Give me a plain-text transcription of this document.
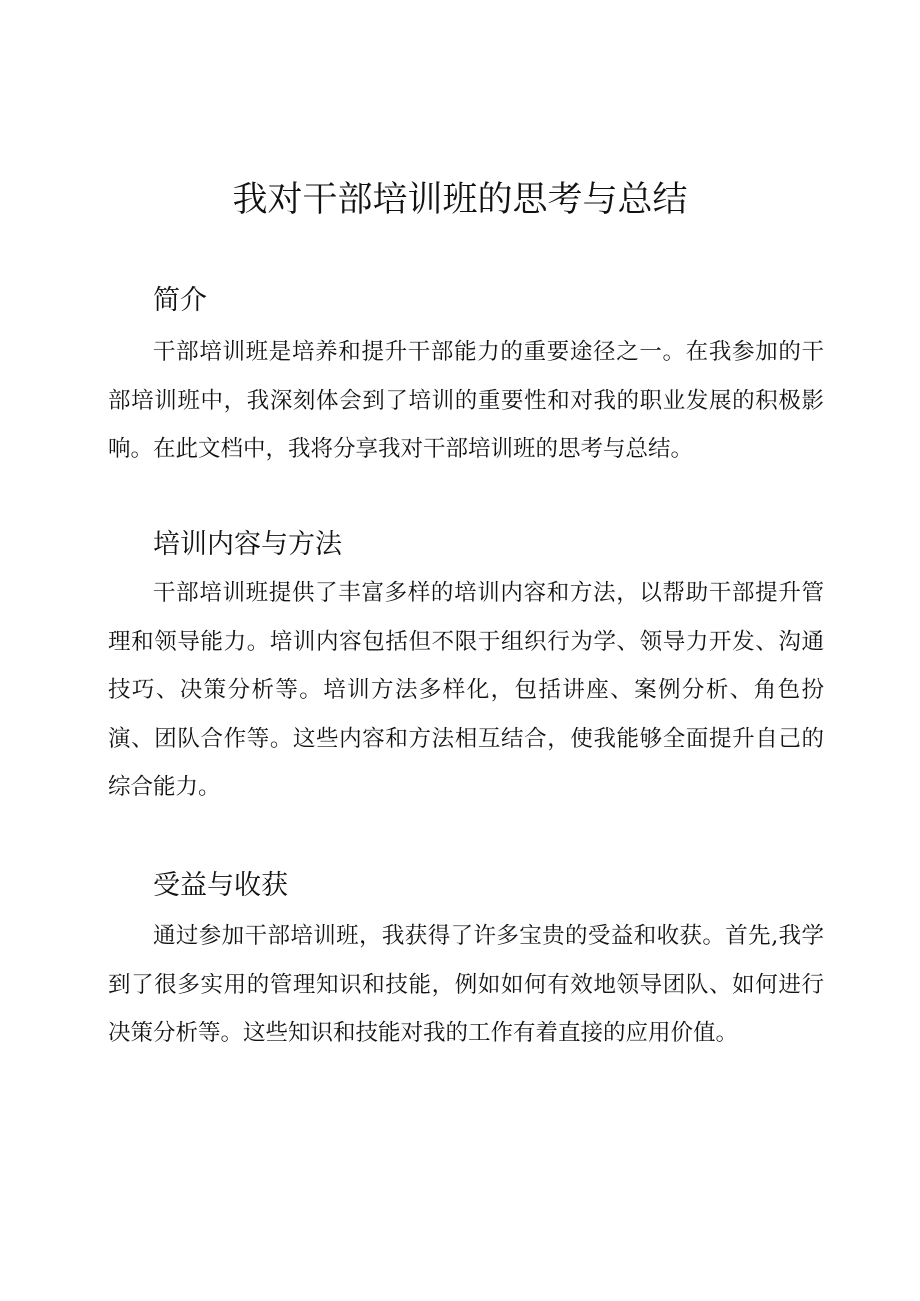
我对干部培训班的思考与总结
简介

干部培训班是培养和提升干部能力的重要途径之一。在我参加的干部培训班中，我深刻体会到了培训的重要性和对我的职业发展的积极影响。在此文档中，我将分享我对干部培训班的思考与总结。

培训内容与方法

干部培训班提供了丰富多样的培训内容和方法，以帮助干部提升管理和领导能力。培训内容包括但不限于组织行为学、领导力开发、沟通技巧、决策分析等。培训方法多样化，包括讲座、案例分析、角色扮演、团队合作等。这些内容和方法相互结合，使我能够全面提升自己的综合能力。

受益与收获

通过参加干部培训班，我获得了许多宝贵的受益和收获。首先,我学到了很多实用的管理知识和技能，例如如何有效地领导团队、如何进行决策分析等。这些知识和技能对我的工作有着直接的应用价值。
